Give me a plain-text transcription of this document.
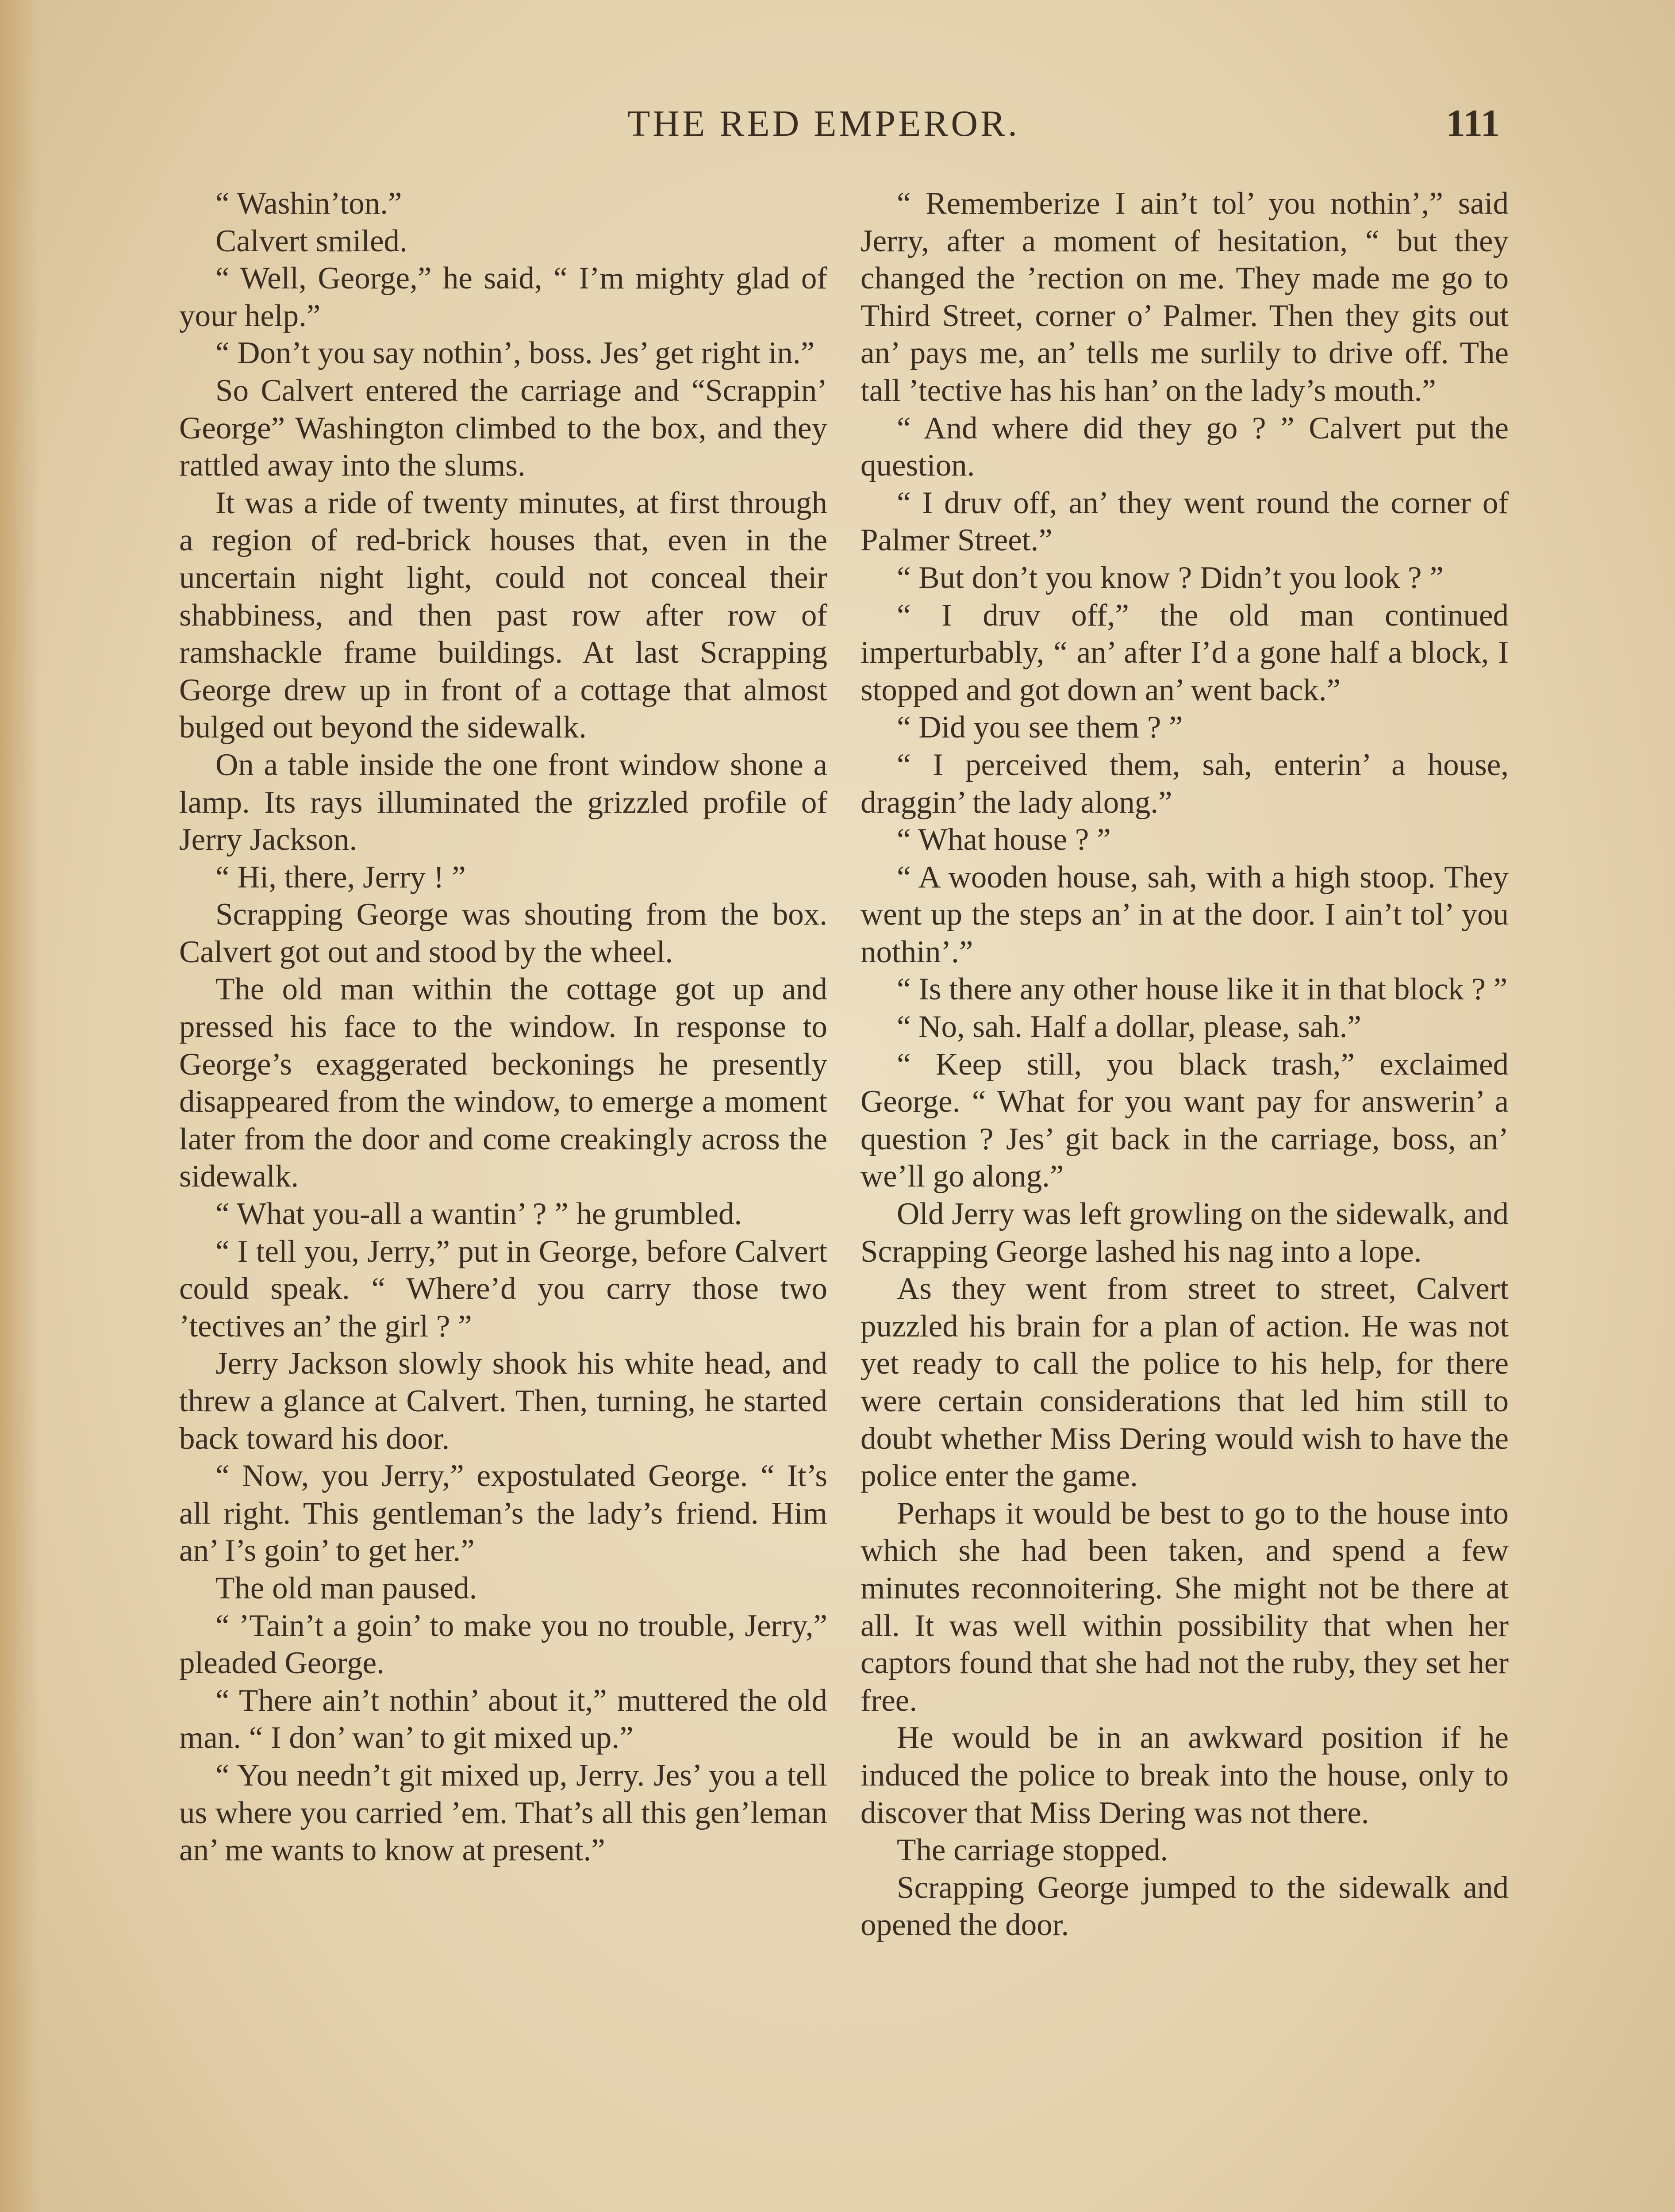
THE RED EMPEROR.	111

“ Washin’ton.”

Calvert smiled.

“ Well, George,” he said, “ I’m mighty glad of your help.”

“ Don’t you say nothin’, boss. Jes’ get right in.”

So Calvert entered the carriage and “Scrappin’ George” Washington climbed to the box, and they rattled away into the slums.

It was a ride of twenty minutes, at first through a region of red-brick houses that, even in the uncertain night light, could not conceal their shabbiness, and then past row after row of ramshackle frame buildings. At last Scrapping George drew up in front of a cottage that almost bulged out beyond the sidewalk.

On a table inside the one front window shone a lamp. Its rays illuminated the grizzled profile of Jerry Jackson.

“ Hi, there, Jerry ! ”

Scrapping George was shouting from the box. Calvert got out and stood by the wheel.

The old man within the cottage got up and pressed his face to the window. In response to George’s exaggerated beckonings he presently disappeared from the window, to emerge a moment later from the door and come creakingly across the sidewalk.

“ What you-all a wantin’ ? ” he grumbled.

“ I tell you, Jerry,” put in George, before Calvert could speak. “ Where’d you carry those two ’tectives an’ the girl ? ”

Jerry Jackson slowly shook his white head, and threw a glance at Calvert. Then, turning, he started back toward his door.

“ Now, you Jerry,” expostulated George. “ It’s all right. This gentleman’s the lady’s friend. Him an’ I’s goin’ to get her.”

The old man paused.

“ ’Tain’t a goin’ to make you no trouble, Jerry,” pleaded George.

“ There ain’t nothin’ about it,” muttered the old man. “ I don’ wan’ to git mixed up.”

“ You needn’t git mixed up, Jerry. Jes’ you a tell us where you carried ’em. That’s all this gen’leman an’ me wants to know at present.”

“ Rememberize I ain’t tol’ you nothin’,” said Jerry, after a moment of hesitation, “ but they changed the ’rection on me. They made me go to Third Street, corner o’ Palmer. Then they gits out an’ pays me, an’ tells me surlily to drive off. The tall ’tective has his han’ on the lady’s mouth.”

“ And where did they go ? ” Calvert put the question.

“ I druv off, an’ they went round the corner of Palmer Street.”

“ But don’t you know ? Didn’t you look ? ”

“ I druv off,” the old man continued imperturbably, “ an’ after I’d a gone half a block, I stopped and got down an’ went back.”

“ Did you see them ? ”

“ I perceived them, sah, enterin’ a house, draggin’ the lady along.”

“ What house ? ”

“ A wooden house, sah, with a high stoop. They went up the steps an’ in at the door. I ain’t tol’ you nothin’.”

“ Is there any other house like it in that block ? ”

“ No, sah. Half a dollar, please, sah.”

“ Keep still, you black trash,” exclaimed George. “ What for you want pay for answerin’ a question ? Jes’ git back in the carriage, boss, an’ we’ll go along.”

Old Jerry was left growling on the sidewalk, and Scrapping George lashed his nag into a lope.

As they went from street to street, Calvert puzzled his brain for a plan of action. He was not yet ready to call the police to his help, for there were certain considerations that led him still to doubt whether Miss Dering would wish to have the police enter the game.

Perhaps it would be best to go to the house into which she had been taken, and spend a few minutes reconnoitering. She might not be there at all. It was well within possibility that when her captors found that she had not the ruby, they set her free.

He would be in an awkward position if he induced the police to break into the house, only to discover that Miss Dering was not there.

The carriage stopped.

Scrapping George jumped to the sidewalk and opened the door.
